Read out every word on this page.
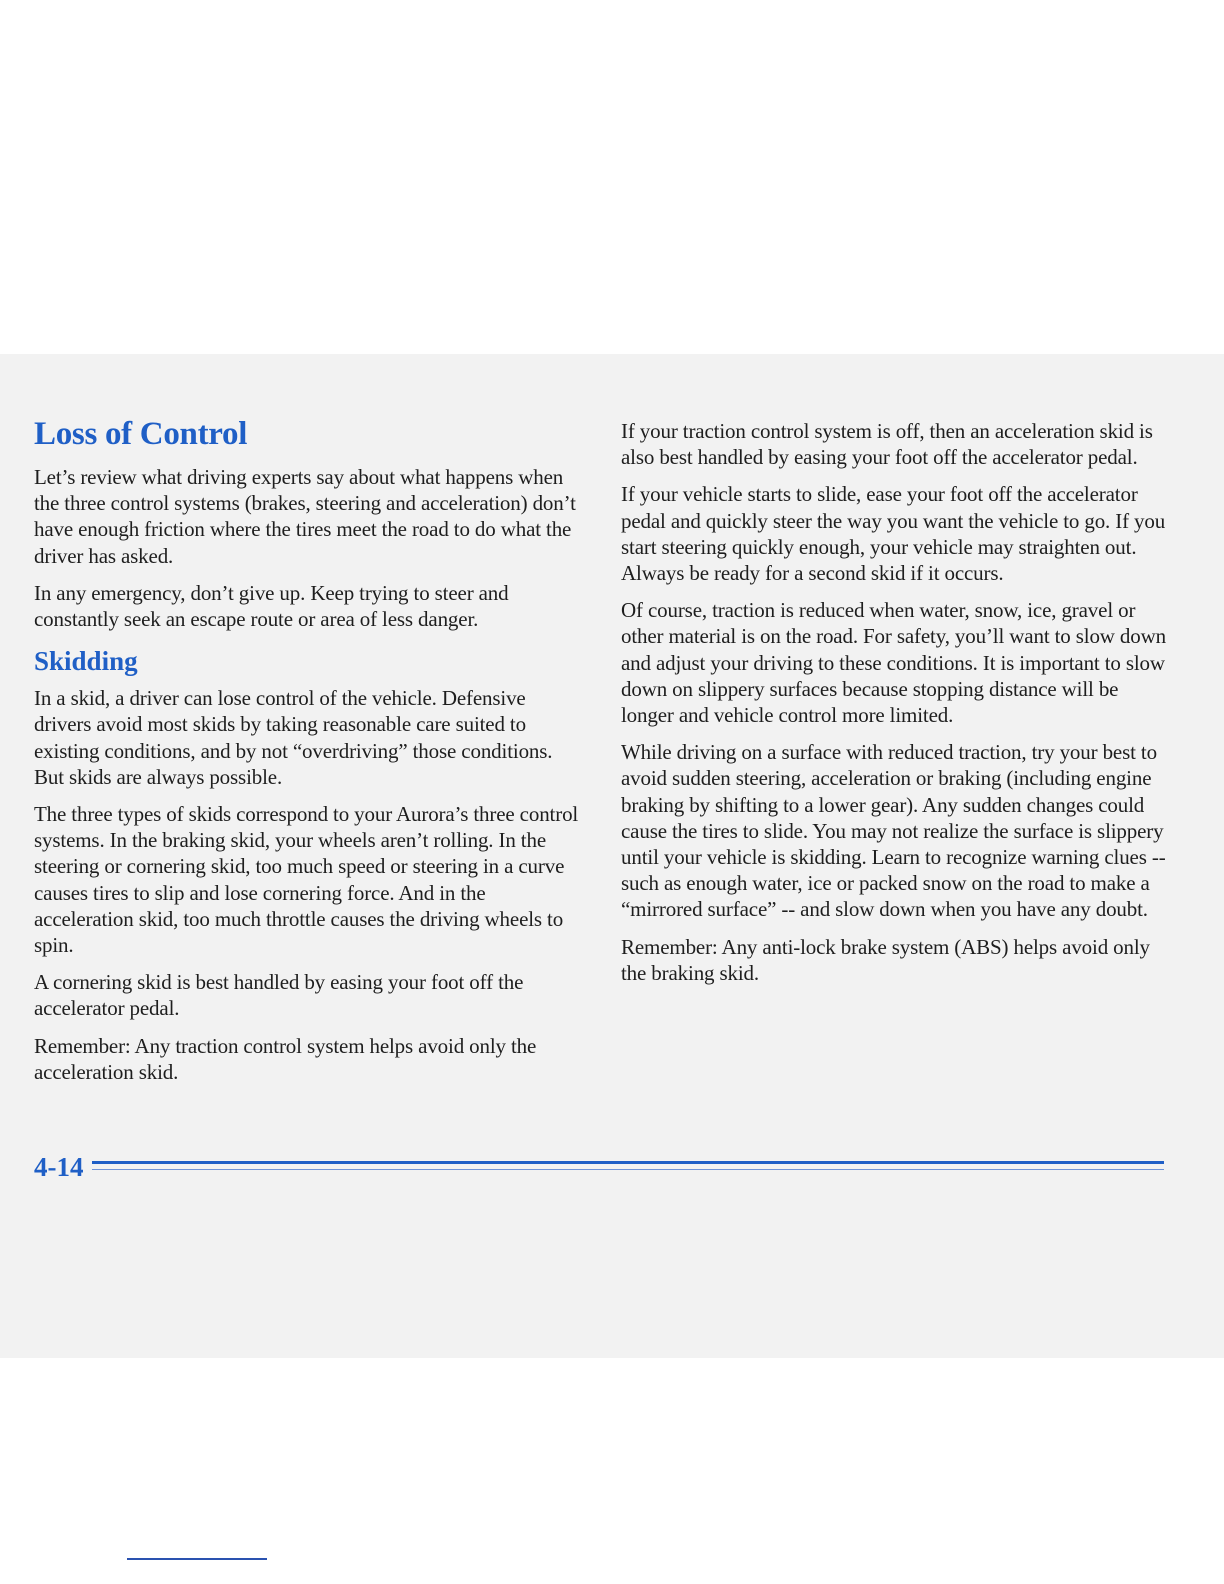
Loss of Control

Let’s review what driving experts say about what happens when the three control systems (brakes, steering and acceleration) don’t have enough friction where the tires meet the road to do what the driver has asked.

In any emergency, don’t give up. Keep trying to steer and constantly seek an escape route or area of less danger.

Skidding

In a skid, a driver can lose control of the vehicle. Defensive drivers avoid most skids by taking reasonable care suited to existing conditions, and by not “overdriving” those conditions. But skids are always possible.

The three types of skids correspond to your Aurora’s three control systems. In the braking skid, your wheels aren’t rolling. In the steering or cornering skid, too much speed or steering in a curve causes tires to slip and lose cornering force. And in the acceleration skid, too much throttle causes the driving wheels to spin.

A cornering skid is best handled by easing your foot off the accelerator pedal.

Remember: Any traction control system helps avoid only the acceleration skid.

If your traction control system is off, then an acceleration skid is also best handled by easing your foot off the accelerator pedal.

If your vehicle starts to slide, ease your foot off the accelerator pedal and quickly steer the way you want the vehicle to go. If you start steering quickly enough, your vehicle may straighten out. Always be ready for a second skid if it occurs.

Of course, traction is reduced when water, snow, ice, gravel or other material is on the road. For safety, you’ll want to slow down and adjust your driving to these conditions. It is important to slow down on slippery surfaces because stopping distance will be longer and vehicle control more limited.

While driving on a surface with reduced traction, try your best to avoid sudden steering, acceleration or braking (including engine braking by shifting to a lower gear). Any sudden changes could cause the tires to slide. You may not realize the surface is slippery until your vehicle is skidding. Learn to recognize warning clues -- such as enough water, ice or packed snow on the road to make a “mirrored surface” -- and slow down when you have any doubt.

Remember: Any anti-lock brake system (ABS) helps avoid only the braking skid.

4-14
